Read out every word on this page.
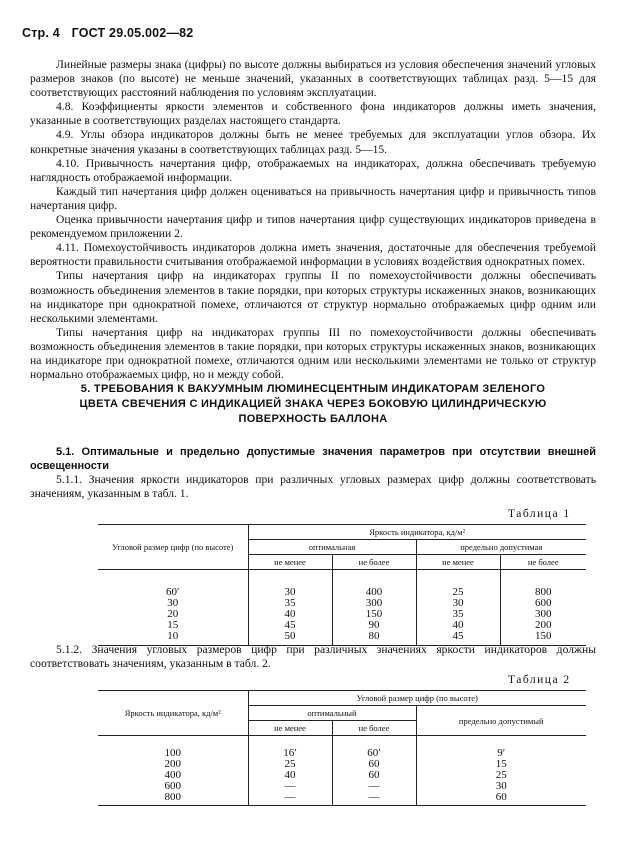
Стр. 4 ГОСТ 29.05.002—82

Линейные размеры знака (цифры) по высоте должны выбираться из условия обеспечения значений угловых размеров знаков (по высоте) не меньше значений, указанных в соответствующих таблицах разд. 5—15 для соответствующих расстояний наблюдения по условиям эксплуатации.

4.8. Коэффициенты яркости элементов и собственного фона индикаторов должны иметь значения, указанные в соответствующих разделах настоящего стандарта.

4.9. Углы обзора индикаторов должны быть не менее требуемых для эксплуатации углов обзора. Их конкретные значения указаны в соответствующих таблицах разд. 5—15.

4.10. Привычность начертания цифр, отображаемых на индикаторах, должна обеспечивать требуемую наглядность отображаемой информации.

Каждый тип начертания цифр должен оцениваться на привычность начертания цифр и привычность типов начертания цифр.

Оценка привычности начертания цифр и типов начертания цифр существующих индикаторов приведена в рекомендуемом приложении 2.

4.11. Помехоустойчивость индикаторов должна иметь значения, достаточные для обеспечения требуемой вероятности правильности считывания отображаемой информации в условиях воздействия однократных помех.

Типы начертания цифр на индикаторах группы II по помехоустойчивости должны обеспечивать возможность объединения элементов в такие порядки, при которых структуры искаженных знаков, возникающих на индикаторе при однократной помехе, отличаются от структур нормально отображаемых цифр одним или несколькими элементами.

Типы начертания цифр на индикаторах группы III по помехоустойчивости должны обеспечивать возможность объединения элементов в такие порядки, при которых структуры искаженных знаков, возникающих на индикаторе при однократной помехе, отличаются одним или несколькими элементами не только от структур нормально отображаемых цифр, но и между собой.

5. ТРЕБОВАНИЯ К ВАКУУМНЫМ ЛЮМИНЕСЦЕНТНЫМ ИНДИКАТОРАМ ЗЕЛЕНОГО
ЦВЕТА СВЕЧЕНИЯ С ИНДИКАЦИЕЙ ЗНАКА ЧЕРЕЗ БОКОВУЮ ЦИЛИНДРИЧЕСКУЮ
ПОВЕРХНОСТЬ БАЛЛОНА

5.1. Оптимальные и предельно допустимые значения параметров при отсутствии внешней освещенности

5.1.1. Значения яркости индикаторов при различных угловых размерах цифр должны соответствовать значениям, указанным в табл. 1.

Таблица 1
Угловой размер цифр (по высоте)	Яркость индикатора, кд/м²			
	оптимальная		предельно допустимая	
	не менее	не более	не менее	не более

60′	30	400	25	800
30	35	300	30	600
20	40	150	35	300
15	45	90	40	200
10	50	80	45	150

5.1.2. Значения угловых размеров цифр при различных значениях яркости индикаторов должны соответствовать значениям, указанным в табл. 2.

Таблица 2
Яркость индикатора, кд/м²	Угловой размер цифр (по высоте)		
	оптимальный		предельно допустимый
	не менее	не более	

100	16′	60′	9′
200	25	60	15
400	40	60	25
600	—	—	30
800	—	—	60
